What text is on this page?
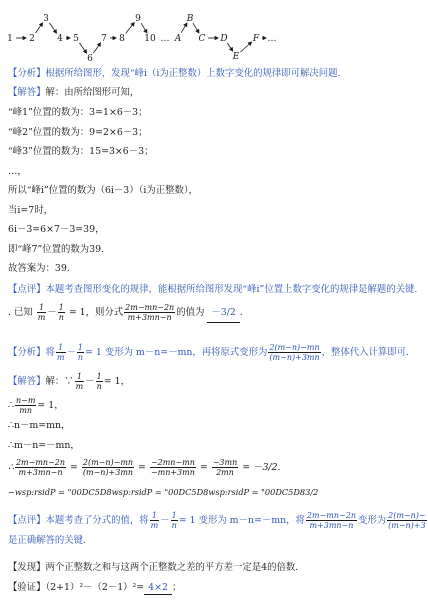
1 2
3
4 5
6
7 8
9
10 … A
B
C D
E
F …
【分析】根据所给图形，发现“峰i（i为正整数）上数字变化的规律即可解决问题.
【解答】解：由所给图形可知，
“峰1”位置的数为：3=1×6－3；
“峰2”位置的数为：9=2×6－3；
“峰3”位置的数为：15=3×6－3；
…，
所以“峰i”位置的数为（6i－3）（i为正整数），
当i=7时，
6i－3=6×7－3=39，
即“峰7”位置的数为39.
故答案为：39.
【点评】本题考查图形变化的规律，能根据所给图形发现“峰i”位置上数字变化的规律是解题的关键.
. 已知 $\frac{1}{m} - \frac{1}{n} = 1$，则分式 $\frac{2m-mn-2n}{m+3mn-n}$ 的值为 －3/2 .
【分析】将 $\frac{1}{m} - \frac{1}{n} = 1$ 变形为 m－n=－mn，再将原式变形为 $\frac{2(m-n)-mn}{(m-n)+3mn}$ ，整体代入计算即可.
【解答】解：∵ $\frac{1}{m} - \frac{1}{n} = 1$，
∴ $\frac{n-m}{mn} = 1$，
∴n－m=mn，
∴m－n=－mn，
∴ $\frac{2m-mn-2n}{m+3mn-n} = \frac{2(m-n)-mn}{(m-n)+3mn} = \frac{-2mn-mn}{-mn+3mn} = \frac{-3mn}{2mn} = -3/2$.
−wsp:rsidP = "00DC5D8wsp:rsidP = "00DC5D8wsp:rsidP = "00DC5D83/2
【点评】本题考查了分式的值，将 $\frac{1}{m} - \frac{1}{n} = 1$ 变形为 m－n=－mn，将 $\frac{2m-mn-2n}{m+3mn-n}$ 变形为 $\frac{2(m-n)-}{(m-n)+3}$
是正确解答的关键.
【发现】两个正整数之和与这两个正整数之差的平方差一定是4的倍数.
【验证】（2+1）²－（2－1）²= 4×2 ；
